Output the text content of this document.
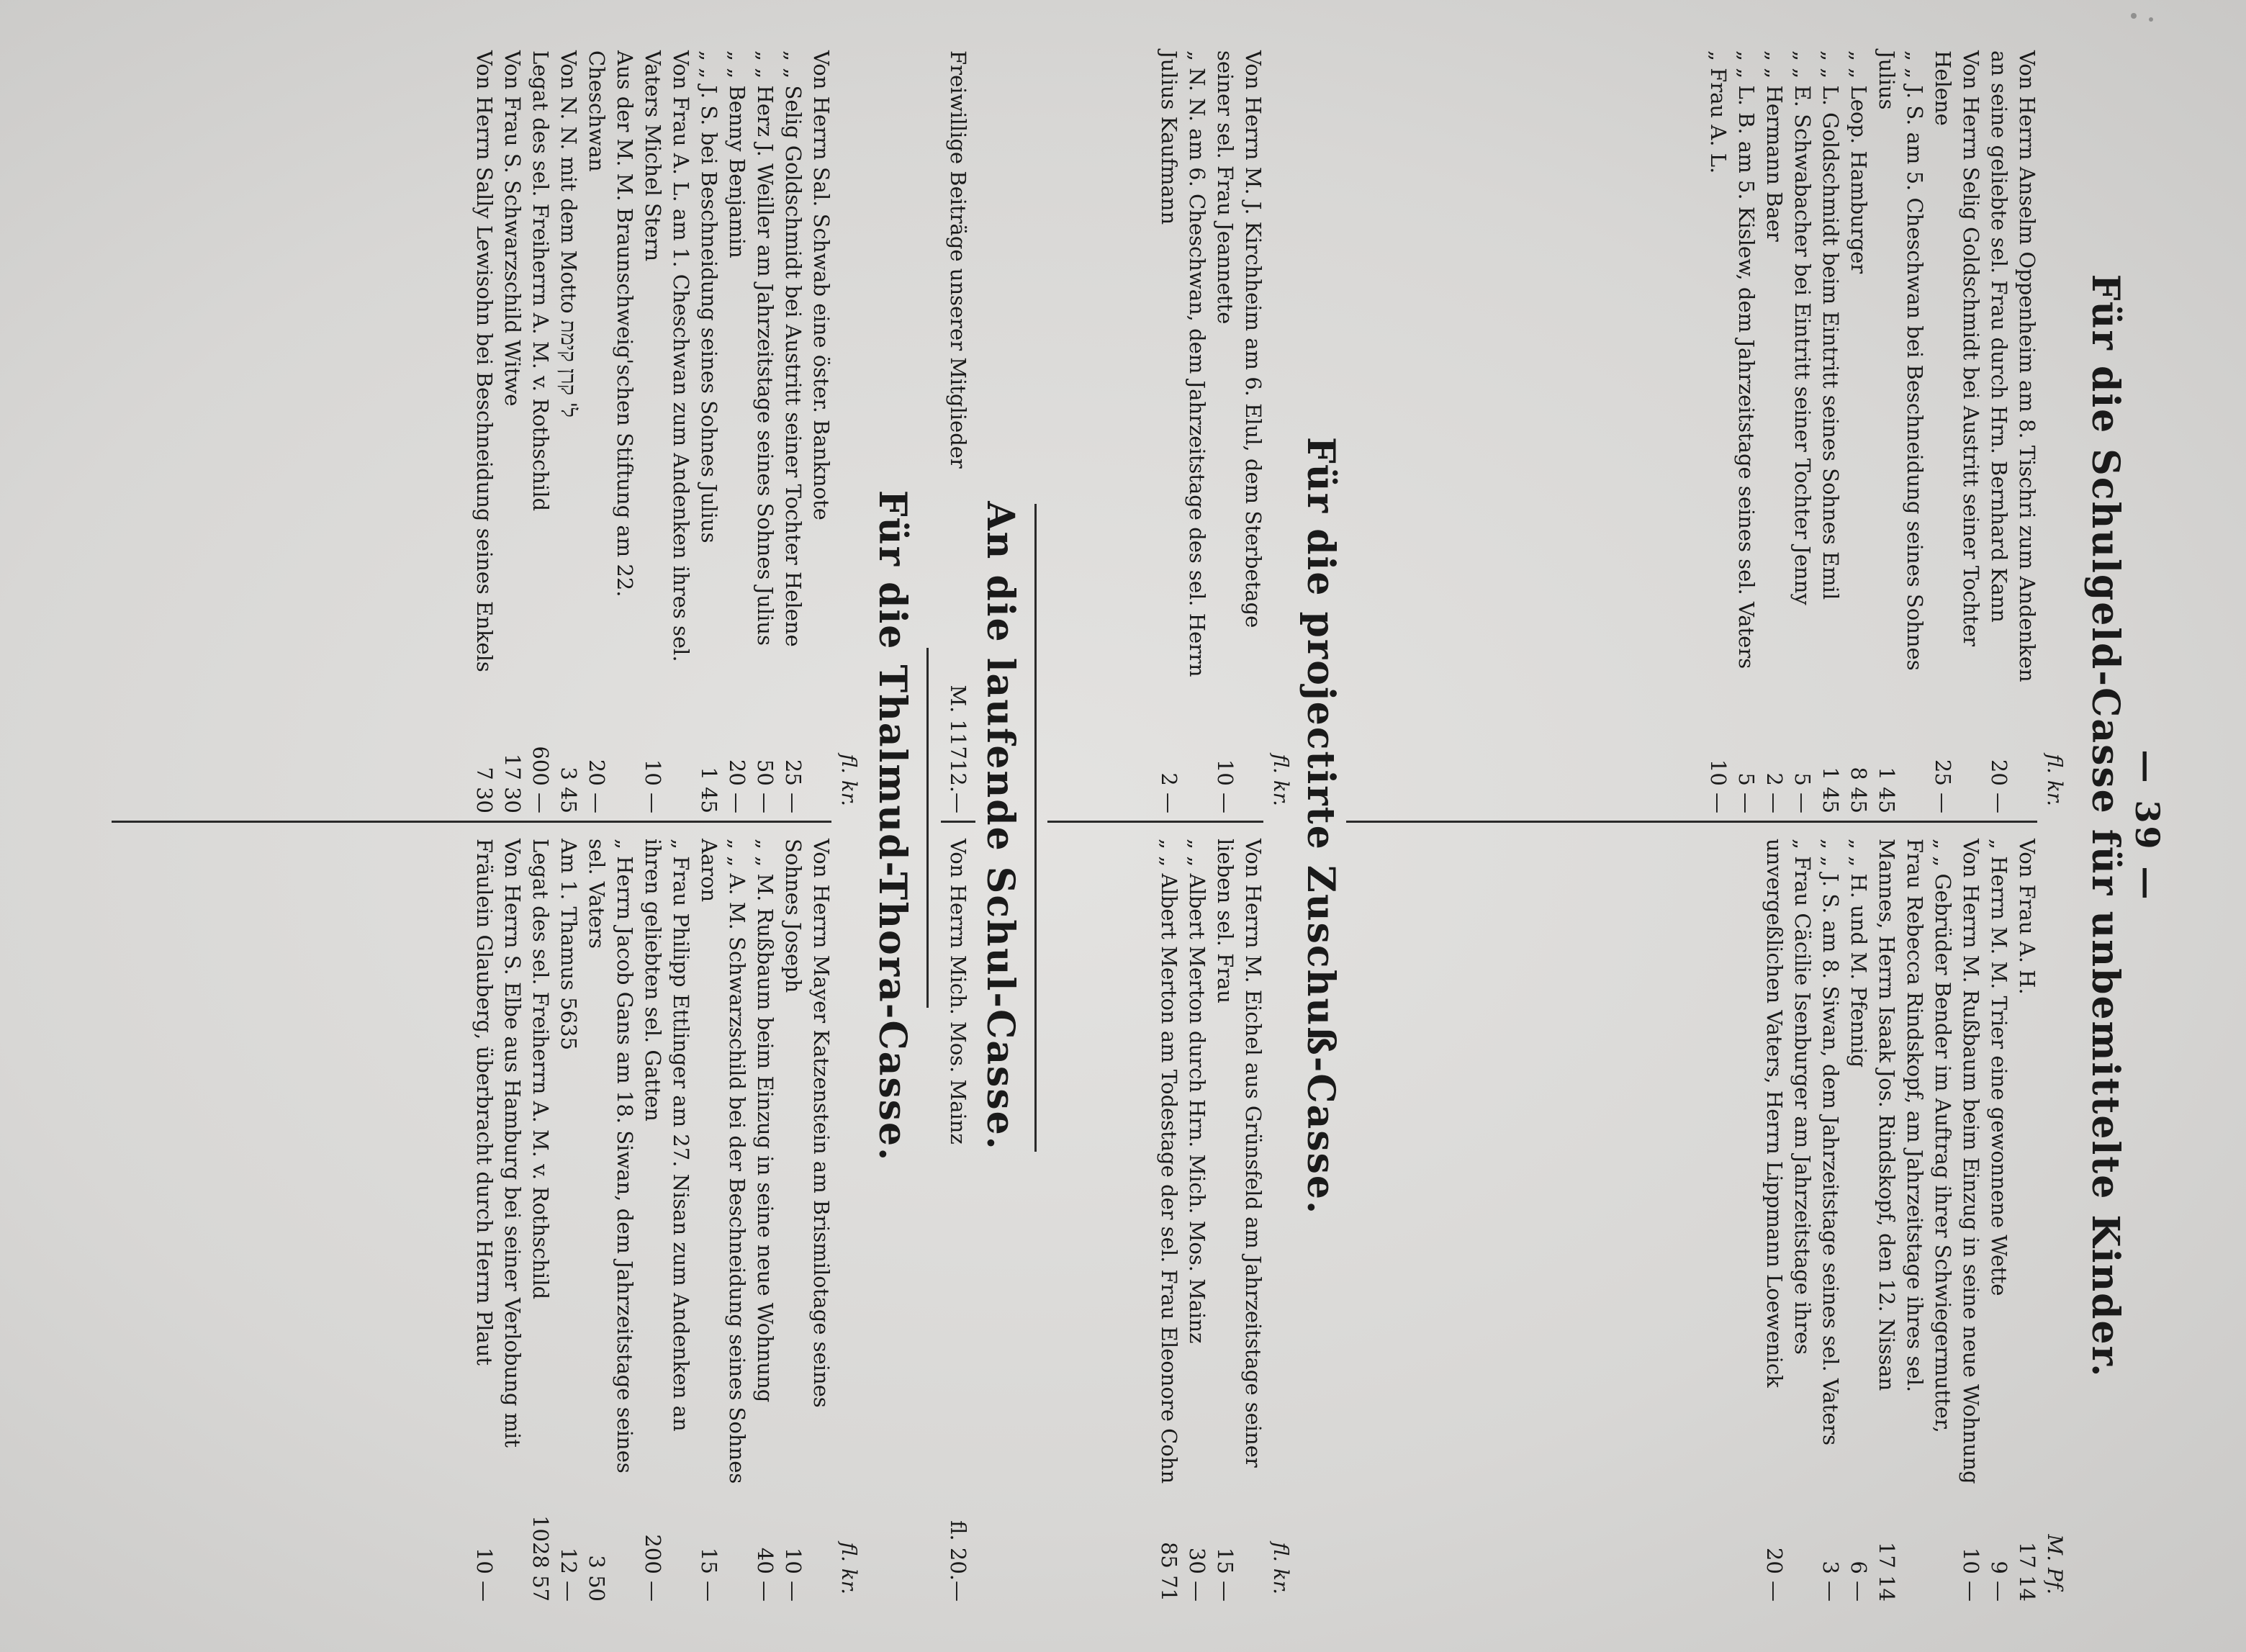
— 39 —
Für die Schulgeld-Casse für unbemittelte Kinder.
fl. kr.
Von Herrn Anselm Oppenheim am 8. Tischri zum Andenken an seine geliebte sel. Frau durch Hrn. Bernhard Kann
20 —
Von Herrn Selig Goldschmidt bei Austritt seiner Tochter Helene
25 —
„ „ J. S. am 5. Cheschwan bei Beschneidung seines Sohnes Julius
1 45
„ „ Leop. Hamburger
8 45
„ „ L. Goldschmidt beim Eintritt seines Sohnes Emil
1 45
„ „ E. Schwabacher bei Eintritt seiner Tochter Jenny
5 —
„ „ Hermann Baer
2 —
„ „ L. B. am 5. Kislew, dem Jahrzeitstage seines sel. Vaters
5 —
„ Frau A. L.
10 —
M. Pf.
Von Frau A. H.
17 14
„ Herrn M. M. Trier eine gewonnene Wette
9 —
Von Herrn M. Rußbaum beim Einzug in seine neue Wohnung
10 —
„ „ Gebrüder Bender im Auftrag ihrer Schwiegermutter, Frau Rebecca Rindskopf, am Jahrzeitstage ihres sel. Mannes, Herrn Isaak Jos. Rindskopf, den 12. Nissan
17 14
„ „ H. und M. Pfennig
6 —
„ „ J. S. am 8. Siwan, dem Jahrzeitstage seines sel. Vaters
3 —
„ Frau Cäcilie Isenburger am Jahrzeitstage ihres unvergeßlichen Vaters, Herrn Lippmann Loewenick
20 —
Für die projectirte Zuschuß-Casse.
fl. kr.
Von Herrn M. J. Kirchheim am 6. Elul, dem Sterbetage seiner sel. Frau Jeannette
10 —
„ N. N. am 6. Cheschwan, dem Jahrzeitstage des sel. Herrn Julius Kaufmann
2 —
fl. kr.
Von Herrn M. Eichel aus Grünsfeld am Jahrzeitstage seiner lieben sel. Frau
15 —
„ „ Albert Merton durch Hrn. Mich. Mos. Mainz
30 —
„ „ Albert Merton am Todestage der sel. Frau Eleonore Cohn
85 71
An die laufende Schul-Casse.
Freiwillige Beiträge unserer Mitglieder
M. 11712.—
Von Herrn Mich. Mos. Mainz
fl. 20.—
Für die Thalmud-Thora-Casse.
fl. kr.
Von Herrn Sal. Schwab eine öster. Banknote
„ „ Selig Goldschmidt bei Austritt seiner Tochter Helene
25 —
„ „ Herz J. Weiller am Jahrzeitstage seines Sohnes Julius
50 —
„ „ Benny Benjamin
20 —
„ „ J. S. bei Beschneidung seines Sohnes Julius
1 45
Von Frau A. L. am 1. Cheschwan zum Andenken ihres sel. Vaters Michel Stern
10 —
Aus der M. M. Braunschweig'schen Stiftung am 22. Cheschwan
20 —
Von N. N. mit dem Motto ל' קרן קימת
3 45
Legat des sel. Freiherrn A. M. v. Rothschild
600 —
Von Frau S. Schwarzschild Witwe
17 30
Von Herrn Sally Lewisohn bei Beschneidung seines Enkels
7 30
fl. kr.
Von Herrn Mayer Katzenstein am Brismilotage seines Sohnes Joseph
10 —
„ „ M. Rußbaum beim Einzug in seine neue Wohnung
40 —
„ „ A. M. Schwarzschild bei der Beschneidung seines Sohnes Aaron
15 —
„ Frau Philipp Ettlinger am 27. Nisan zum Andenken an ihren geliebten sel. Gatten
200 —
„ Herrn Jacob Gans am 18. Siwan, dem Jahrzeitstage seines sel. Vaters
3 50
Am 1. Thamus 5635
12 —
Legat des sel. Freiherrn A. M. v. Rothschild
1028 57
Von Herrn S. Elbe aus Hamburg bei seiner Verlobung mit Fräulein Glauberg, überbracht durch Herrn Plaut
10 —
